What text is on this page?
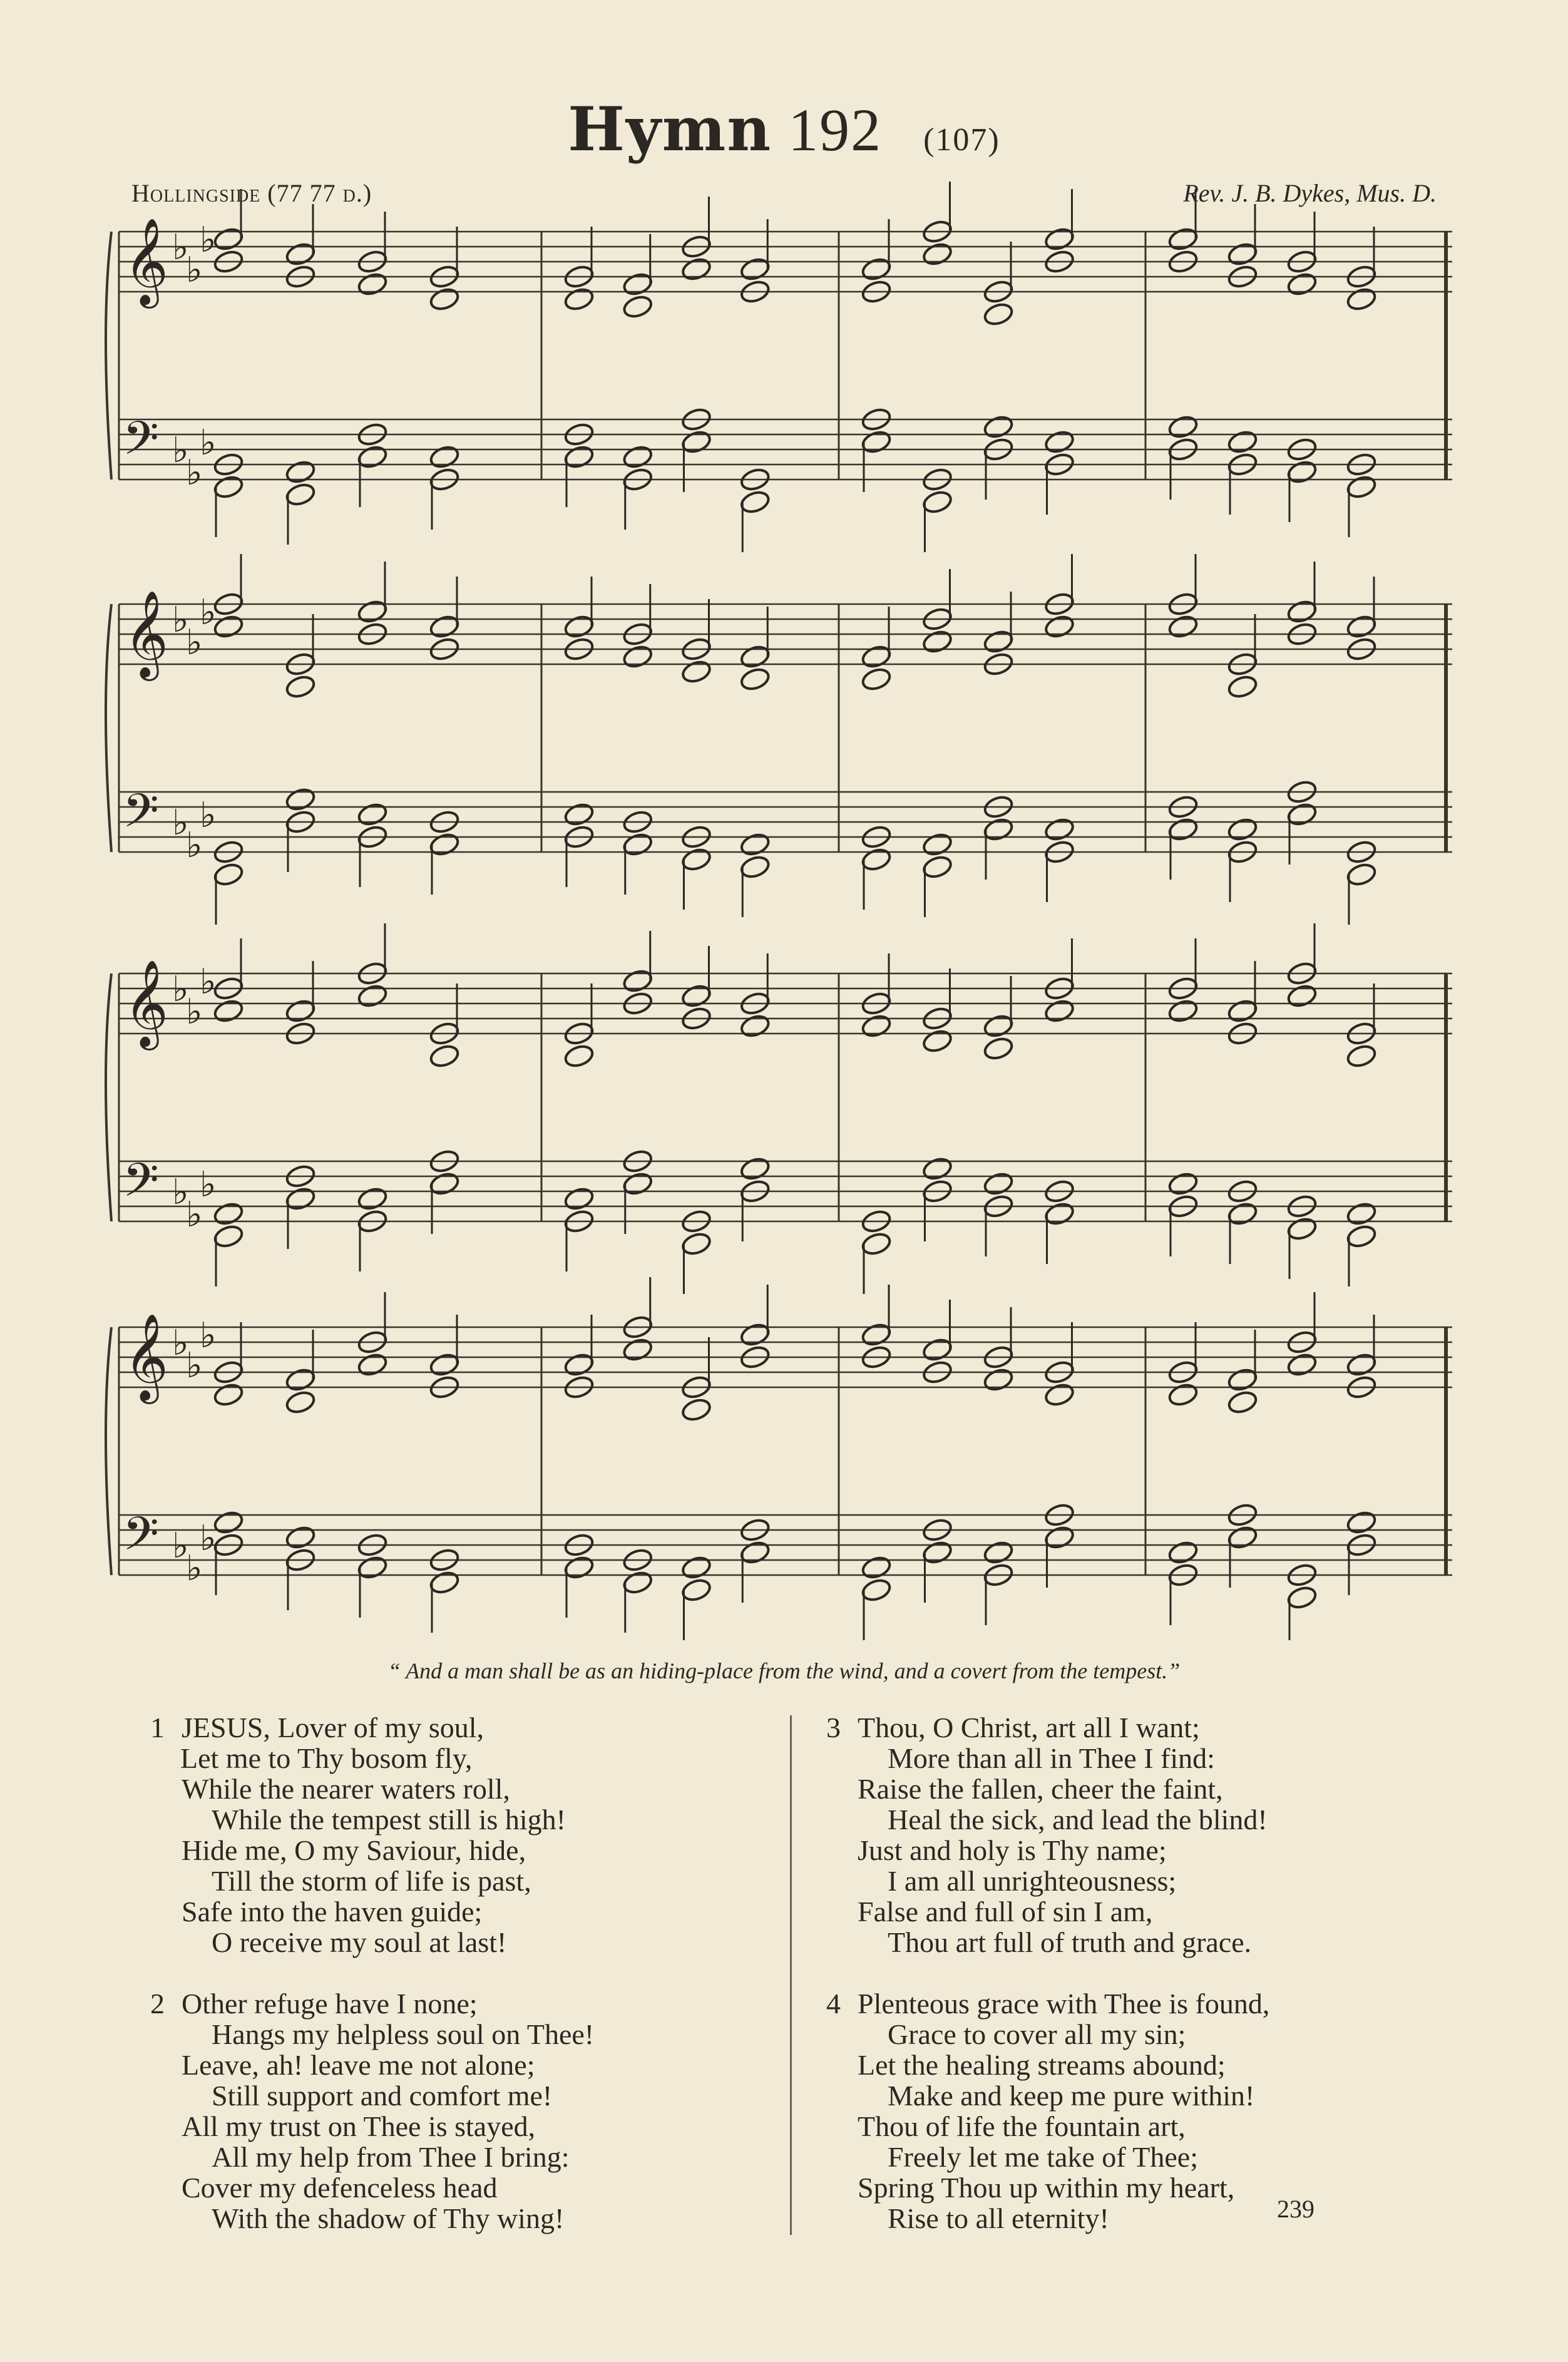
Hymn 192 (107)
Hollingside (77 77 d.)	Rev. J. B. Dykes, Mus. D.
𝄞
𝄢
♭
♭
♭
♭
♭
♭
𝄞
𝄢
♭
♭
♭
♭
♭
♭
𝄞
𝄢
♭
♭
♭
♭
♭
♭
𝄞
𝄢
♭
♭
♭
♭
♭
♭
“ And a man shall be as an hiding-place from the wind, and a covert from the tempest.”
1 JESUS, Lover of my soul,
Let me to Thy bosom fly,
While the nearer waters roll,
While the tempest still is high!
Hide me, O my Saviour, hide,
Till the storm of life is past,
Safe into the haven guide;
O receive my soul at last!
2 Other refuge have I none;
Hangs my helpless soul on Thee!
Leave, ah! leave me not alone;
Still support and comfort me!
All my trust on Thee is stayed,
All my help from Thee I bring:
Cover my defenceless head
With the shadow of Thy wing!
3 Thou, O Christ, art all I want;
More than all in Thee I find:
Raise the fallen, cheer the faint,
Heal the sick, and lead the blind!
Just and holy is Thy name;
I am all unrighteousness;
False and full of sin I am,
Thou art full of truth and grace.
4 Plenteous grace with Thee is found,
Grace to cover all my sin;
Let the healing streams abound;
Make and keep me pure within!
Thou of life the fountain art,
Freely let me take of Thee;
Spring Thou up within my heart,
Rise to all eternity!	239
